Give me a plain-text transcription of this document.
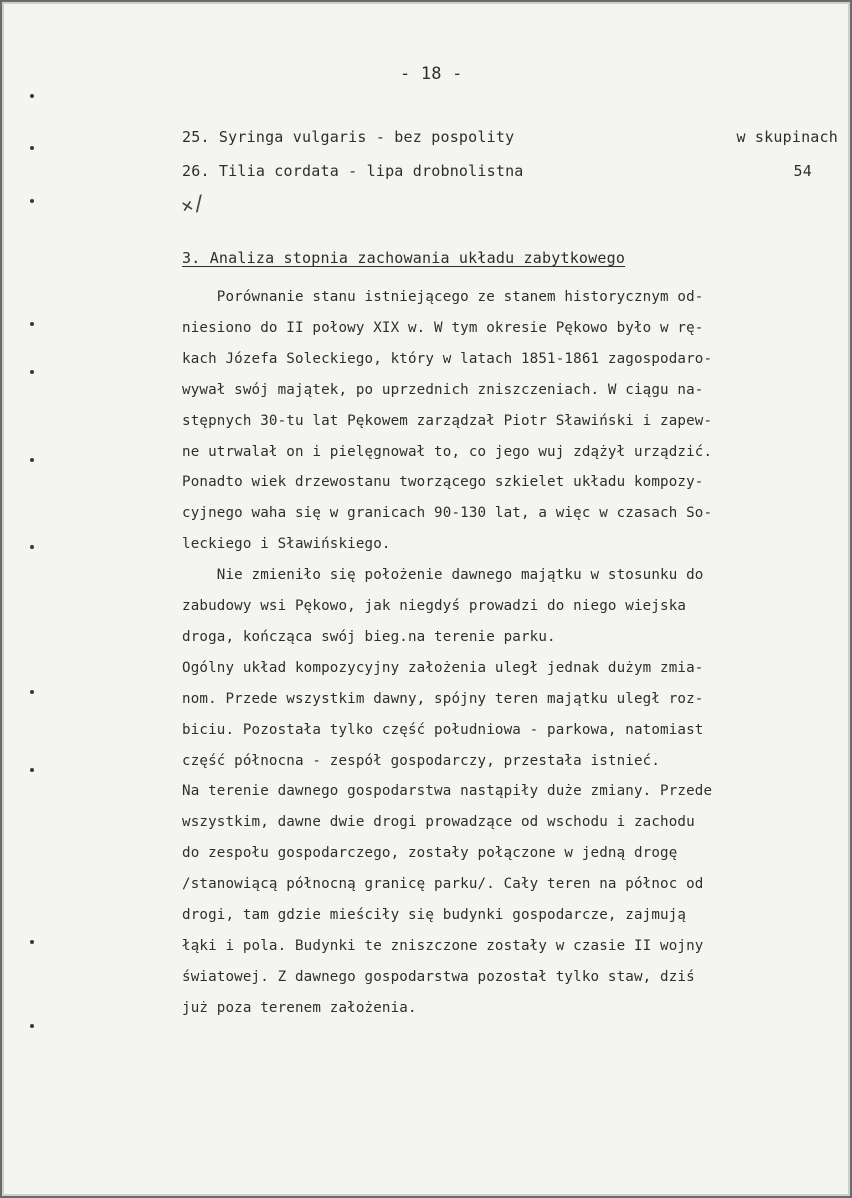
- 18 -
25. Syringa vulgaris - bez pospolity	w skupinach
26. Tilia cordata - lipa drobnolistna	54
×/
3. Analiza stopnia zachowania układu zabytkowego
Porównanie stanu istniejącego ze stanem historycznym od-
niesiono do II połowy XIX w. W tym okresie Pękowo było w rę-
kach Józefa Soleckiego, który w latach 1851-1861 zagospodaro-
wywał swój majątek, po uprzednich zniszczeniach. W ciągu na-
stępnych 30-tu lat Pękowem zarządzał Piotr Sławiński i zapew-
ne utrwalał on i pielęgnował to, co jego wuj zdążył urządzić.
Ponadto wiek drzewostanu tworzącego szkielet układu kompozy-
cyjnego waha się w granicach 90-130 lat, a więc w czasach So-
leckiego i Sławińskiego.
Nie zmieniło się położenie dawnego majątku w stosunku do
zabudowy wsi Pękowo, jak niegdyś prowadzi do niego wiejska
droga, kończąca swój bieg.na terenie parku.
Ogólny układ kompozycyjny założenia uległ jednak dużym zmia-
nom. Przede wszystkim dawny, spójny teren majątku uległ roz-
biciu. Pozostała tylko część południowa - parkowa, natomiast
część północna - zespół gospodarczy, przestała istnieć.
Na terenie dawnego gospodarstwa nastąpiły duże zmiany. Przede
wszystkim, dawne dwie drogi prowadzące od wschodu i zachodu
do zespołu gospodarczego, zostały połączone w jedną drogę
/stanowiącą północną granicę parku/. Cały teren na północ od
drogi, tam gdzie mieściły się budynki gospodarcze, zajmują
łąki i pola. Budynki te zniszczone zostały w czasie II wojny
światowej. Z dawnego gospodarstwa pozostał tylko staw, dziś
już poza terenem założenia.
